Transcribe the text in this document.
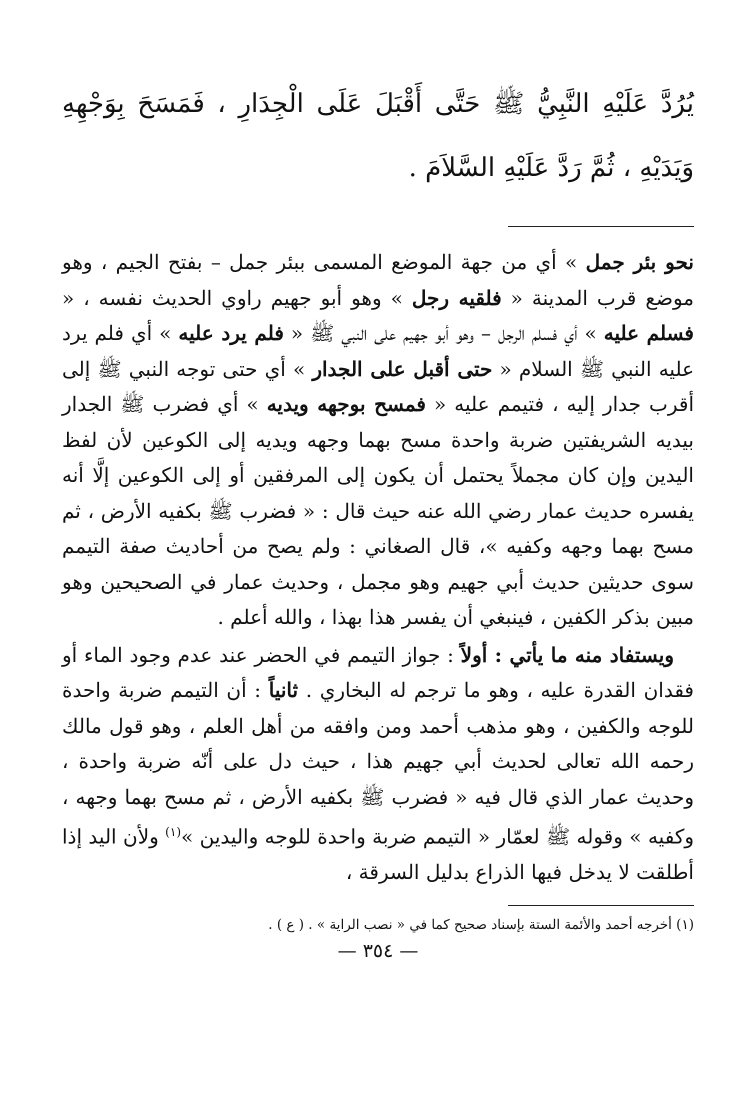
يُرُدَّ عَلَيْهِ النَّبِيُّ ﷺ حَتَّى أَقْبَلَ عَلَى الْجِدَارِ ، فَمَسَحَ بِوَجْهِهِ وَيَدَيْهِ ، ثُمَّ رَدَّ عَلَيْهِ السَّلاَمَ .

نحو بئر جمل » أي من جهة الموضع المسمى ببئر جمل – بفتح الجيم ، وهو موضع قرب المدينة « فلقيه رجل » وهو أبو جهيم راوي الحديث نفسه ، « فسلم عليه » أي فسلم الرجل – وهو أبو جهيم على النبي ﷺ « فلم يرد عليه » أي فلم يرد عليه النبي ﷺ السلام « حتى أقبل على الجدار » أي حتى توجه النبي ﷺ إلى أقرب جدار إليه ، فتيمم عليه « فمسح بوجهه ويديه » أي فضرب ﷺ الجدار بيديه الشريفتين ضربة واحدة مسح بهما وجهه ويديه إلى الكوعين لأن لفظ اليدين وإن كان مجملاً يحتمل أن يكون إلى المرفقين أو إلى الكوعين إلَّا أنه يفسره حديث عمار رضي الله عنه حيث قال : « فضرب ﷺ بكفيه الأرض ، ثم مسح بهما وجهه وكفيه »، قال الصغاني : ولم يصح من أحاديث صفة التيمم سوى حديثين حديث أبي جهيم وهو مجمل ، وحديث عمار في الصحيحين وهو مبين بذكر الكفين ، فينبغي أن يفسر هذا بهذا ، والله أعلم .

ويستفاد منه ما يأتي : أولاً : جواز التيمم في الحضر عند عدم وجود الماء أو فقدان القدرة عليه ، وهو ما ترجم له البخاري . ثانياً : أن التيمم ضربة واحدة للوجه والكفين ، وهو مذهب أحمد ومن وافقه من أهل العلم ، وهو قول مالك رحمه الله تعالى لحديث أبي جهيم هذا ، حيث دل على أنّه ضربة واحدة ، وحديث عمار الذي قال فيه « فضرب ﷺ بكفيه الأرض ، ثم مسح بهما وجهه ، وكفيه » وقوله ﷺ لعمّار « التيمم ضربة واحدة للوجه واليدين »$^{(١)}$ ولأن اليد إذا أطلقت لا يدخل فيها الذراع بدليل السرقة ،

(١) أخرجه أحمد والأئمة الستة بإسناد صحيح كما في « نصب الراية » . ( ع ) .

— ٣٥٤ —
